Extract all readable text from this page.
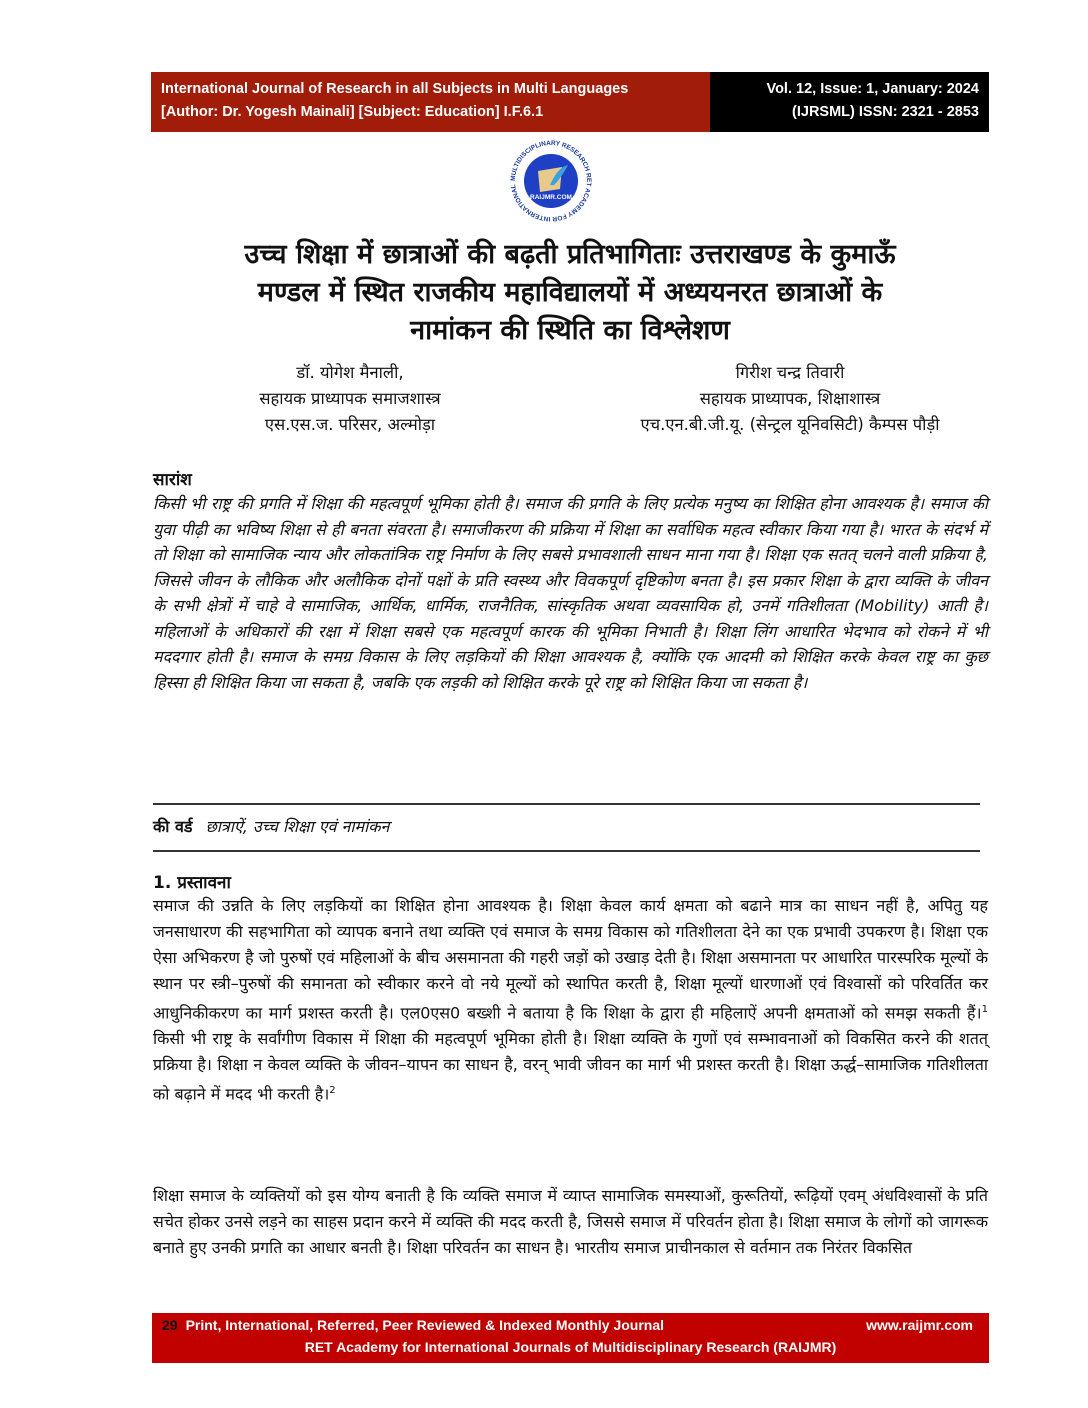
International Journal of Research in all Subjects in Multi Languages
[Author: Dr. Yogesh Mainali] [Subject: Education] I.F.6.1
Vol. 12, Issue: 1, January: 2024
(IJRSML) ISSN: 2321 - 2853
MULTIDISCIPLINARY RESEARCH RET ACADEMY FOR INTERNATIONAL
RAIJMR.COM
उच्च शिक्षा में छात्राओं की बढ़ती प्रतिभागिताः उत्तराखण्ड के कुमाऊँ
मण्डल में स्थित राजकीय महाविद्यालयों में अध्ययनरत छात्राओं के
नामांकन की स्थिति का विश्लेशण
डॉ. योगेश मैनाली,
सहायक प्राध्यापक समाजशास्त्र
एस.एस.ज. परिसर, अल्मोड़ा
गिरीश चन्द्र तिवारी
सहायक प्राध्यापक, शिक्षाशास्त्र
एच.एन.बी.जी.यू. (सेन्ट्रल यूनिवसिटी) कैम्पस पौड़ी
सारांश
किसी भी राष्ट्र की प्रगति में शिक्षा की महत्वपूर्ण भूमिका होती है। समाज की प्रगति के लिए प्रत्येक मनुष्य का शिक्षित होना आवश्यक है। समाज की युवा पीढ़ी का भविष्य शिक्षा से ही बनता संवरता है। समाजीकरण की प्रक्रिया में शिक्षा का सर्वाधिक महत्व स्वीकार किया गया है। भारत के संदर्भ में तो शिक्षा को सामाजिक न्याय और लोकतांत्रिक राष्ट्र निर्माण के लिए सबसे प्रभावशाली साधन माना गया है। शिक्षा एक सतत् चलने वाली प्रक्रिया है, जिससे जीवन के लौकिक और अलौकिक दोनों पक्षों के प्रति स्वस्थ्य और विवकपूर्ण दृष्टिकोण बनता है। इस प्रकार शिक्षा के द्वारा व्यक्ति के जीवन के सभी क्षेत्रों में चाहे वे सामाजिक, आर्थिक, धार्मिक, राजनैतिक, सांस्कृतिक अथवा व्यवसायिक हो, उनमें गतिशीलता (Mobility) आती है। महिलाओं के अधिकारों की रक्षा में शिक्षा सबसे एक महत्वपूर्ण कारक की भूमिका निभाती है। शिक्षा लिंग आधारित भेदभाव को रोकने में भी मददगार होती है। समाज के समग्र विकास के लिए लड़कियों की शिक्षा आवश्यक है, क्योंकि एक आदमी को शिक्षित करके केवल राष्ट्र का कुछ हिस्सा ही शिक्षित किया जा सकता है, जबकि एक लड़की को शिक्षित करके पूरे राष्ट्र को शिक्षित किया जा सकता है।
की वर्ड छात्राऐं, उच्च शिक्षा एवं नामांकन
1. प्रस्तावना
समाज की उन्नति के लिए लड़कियों का शिक्षित होना आवश्यक है। शिक्षा केवल कार्य क्षमता को बढाने मात्र का साधन नहीं है, अपितु यह जनसाधारण की सहभागिता को व्यापक बनाने तथा व्यक्ति एवं समाज के समग्र विकास को गतिशीलता देने का एक प्रभावी उपकरण है। शिक्षा एक ऐसा अभिकरण है जो पुरुषों एवं महिलाओं के बीच असमानता की गहरी जड़ों को उखाड़ देती है। शिक्षा असमानता पर आधारित पारस्परिक मूल्यों के स्थान पर स्त्री–पुरुषों की समानता को स्वीकार करने वो नये मूल्यों को स्थापित करती है, शिक्षा मूल्यों धारणाओं एवं विश्वासों को परिवर्तित कर आधुनिकीकरण का मार्ग प्रशस्त करती है। एल0एस0 बख्शी ने बताया है कि शिक्षा के द्वारा ही महिलाऐं अपनी क्षमताओं को समझ सकती हैं।$^1$ किसी भी राष्ट्र के सर्वांगीण विकास में शिक्षा की महत्वपूर्ण भूमिका होती है। शिक्षा व्यक्ति के गुणों एवं सम्भावनाओं को विकसित करने की शतत् प्रक्रिया है। शिक्षा न केवल व्यक्ति के जीवन–यापन का साधन है, वरन् भावी जीवन का मार्ग भी प्रशस्त करती है। शिक्षा ऊर्द्ध–सामाजिक गतिशीलता को बढ़ाने में मदद भी करती है।$^2$
शिक्षा समाज के व्यक्तियों को इस योग्य बनाती है कि व्यक्ति समाज में व्याप्त सामाजिक समस्याओं, कुरूतियों, रूढ़ियों एवम् अंधविश्वासों के प्रति सचेत होकर उनसे लड़ने का साहस प्रदान करने में व्यक्ति की मदद करती है, जिससे समाज में परिवर्तन होता है। शिक्षा समाज के लोगों को जागरूक बनाते हुए उनकी प्रगति का आधार बनती है। शिक्षा परिवर्तन का साधन है। भारतीय समाज प्राचीनकाल से वर्तमान तक निरंतर विकसित
29 Print, International, Referred, Peer Reviewed & Indexed Monthly Journal	www.raijmr.com
RET Academy for International Journals of Multidisciplinary Research (RAIJMR)
